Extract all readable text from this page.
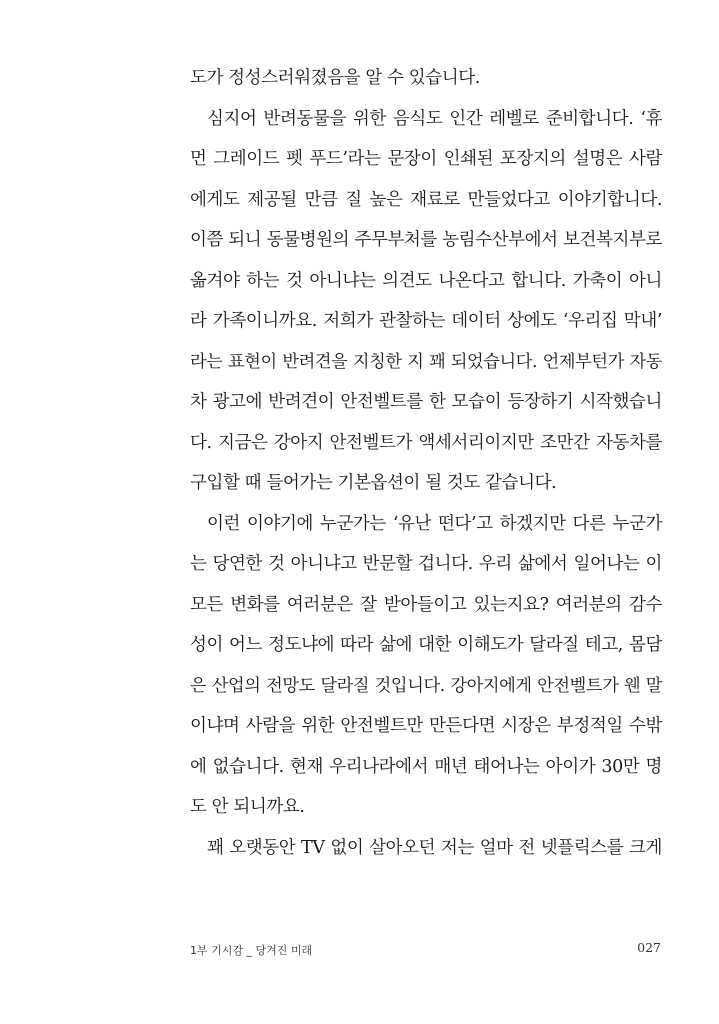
도가 정성스러워졌음을 알 수 있습니다.
심지어 반려동물을 위한 음식도 인간 레벨로 준비합니다. ‘휴
먼 그레이드 펫 푸드’라는 문장이 인쇄된 포장지의 설명은 사람
에게도 제공될 만큼 질 높은 재료로 만들었다고 이야기합니다.
이쯤 되니 동물병원의 주무부처를 농림수산부에서 보건복지부로
옮겨야 하는 것 아니냐는 의견도 나온다고 합니다. 가축이 아니
라 가족이니까요. 저희가 관찰하는 데이터 상에도 ‘우리집 막내’
라는 표현이 반려견을 지칭한 지 꽤 되었습니다. 언제부턴가 자동
차 광고에 반려견이 안전벨트를 한 모습이 등장하기 시작했습니
다. 지금은 강아지 안전벨트가 액세서리이지만 조만간 자동차를
구입할 때 들어가는 기본옵션이 될 것도 같습니다.
이런 이야기에 누군가는 ‘유난 떤다’고 하겠지만 다른 누군가
는 당연한 것 아니냐고 반문할 겁니다. 우리 삶에서 일어나는 이
모든 변화를 여러분은 잘 받아들이고 있는지요? 여러분의 감수
성이 어느 정도냐에 따라 삶에 대한 이해도가 달라질 테고, 몸담
은 산업의 전망도 달라질 것입니다. 강아지에게 안전벨트가 웬 말
이냐며 사람을 위한 안전벨트만 만든다면 시장은 부정적일 수밖
에 없습니다. 현재 우리나라에서 매년 태어나는 아이가 30만 명
도 안 되니까요.
꽤 오랫동안 TV 없이 살아오던 저는 얼마 전 넷플릭스를 크게
1부 기시감 _ 당겨진 미래	027
